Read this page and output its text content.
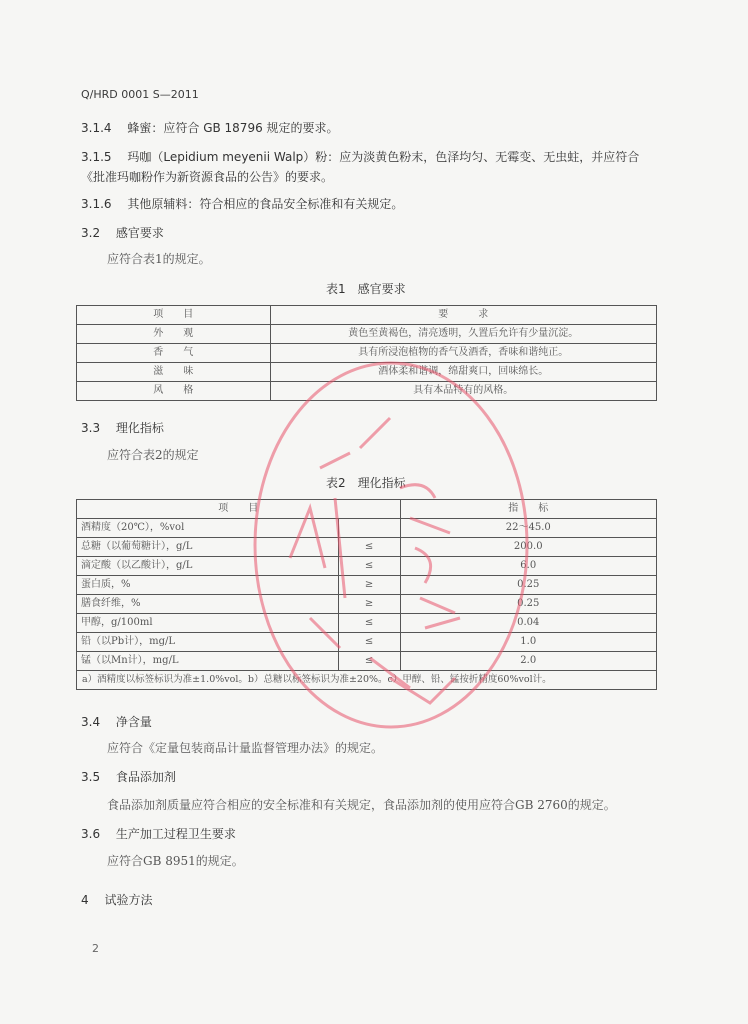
Q/HRD 0001 S—2011
3.1.4　 蜂蜜：应符合 GB 18796 规定的要求。
3.1.5　 玛咖（Lepidium meyenii Walp）粉：应为淡黄色粉末，色泽均匀、无霉变、无虫蛀，并应符合
《批准玛咖粉作为新资源食品的公告》的要求。
3.1.6　 其他原辅料：符合相应的食品安全标准和有关规定。
3.2　 感官要求
应符合表1的规定。
表1　感官要求
项　　目	要　　　求
外　　观	黄色至黄褐色，清亮透明，久置后允许有少量沉淀。
香　　气	具有所浸泡植物的香气及酒香，香味和谐纯正。
滋　　味	酒体柔和谐调，绵甜爽口，回味绵长。
风　　格	具有本品特有的风格。
3.3　 理化指标
应符合表2的规定
表2　理化指标
项　　目		指　　标
酒精度（20℃），%vol		22～45.0
总糖（以葡萄糖计），g/L	≤	200.0
滴定酸（以乙酸计），g/L	≤	6.0
蛋白质，%	≥	0.25
膳食纤维，%	≥	0.25
甲醇，g/100ml	≤	0.04
铅（以Pb计），mg/L	≤	1.0
锰（以Mn计），mg/L	≤	2.0
a）酒精度以标签标识为准±1.0%vol。b）总糖以标签标识为准±20%。c）甲醇、铅、锰按折精度60%vol计。		
3.4　 净含量
应符合《定量包装商品计量监督管理办法》的规定。
3.5　 食品添加剂
食品添加剂质量应符合相应的安全标准和有关规定，食品添加剂的使用应符合GB 2760的规定。
3.6　 生产加工过程卫生要求
应符合GB 8951的规定。
4　 试验方法
2
